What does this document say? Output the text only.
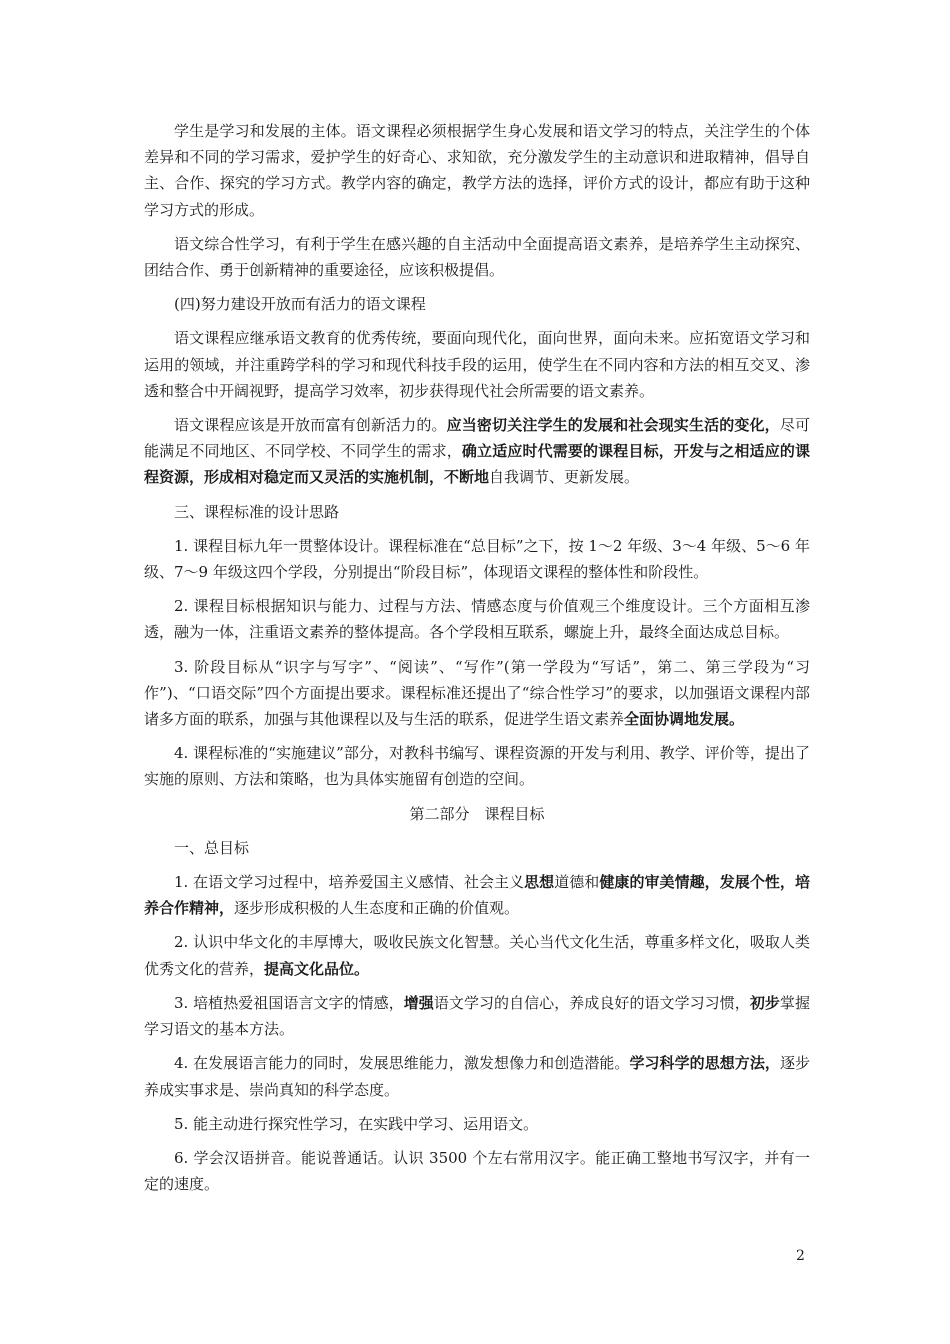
学生是学习和发展的主体。语文课程必须根据学生身心发展和语文学习的特点，关注学生的个体差异和不同的学习需求，爱护学生的好奇心、求知欲，充分激发学生的主动意识和进取精神，倡导自主、合作、探究的学习方式。教学内容的确定，教学方法的选择，评价方式的设计，都应有助于这种学习方式的形成。

语文综合性学习，有利于学生在感兴趣的自主活动中全面提高语文素养，是培养学生主动探究、团结合作、勇于创新精神的重要途径，应该积极提倡。

(四)努力建设开放而有活力的语文课程

语文课程应继承语文教育的优秀传统，要面向现代化，面向世界，面向未来。应拓宽语文学习和运用的领域，并注重跨学科的学习和现代科技手段的运用，使学生在不同内容和方法的相互交叉、渗透和整合中开阔视野，提高学习效率，初步获得现代社会所需要的语文素养。

语文课程应该是开放而富有创新活力的。应当密切关注学生的发展和社会现实生活的变化，尽可能满足不同地区、不同学校、不同学生的需求，确立适应时代需要的课程目标，开发与之相适应的课程资源，形成相对稳定而又灵活的实施机制，不断地自我调节、更新发展。

三、课程标准的设计思路

1. 课程目标九年一贯整体设计。课程标准在“总目标”之下，按 1～2 年级、3～4 年级、5～6 年级、7～9 年级这四个学段，分别提出“阶段目标”，体现语文课程的整体性和阶段性。

2. 课程目标根据知识与能力、过程与方法、情感态度与价值观三个维度设计。三个方面相互渗透，融为一体，注重语文素养的整体提高。各个学段相互联系，螺旋上升，最终全面达成总目标。

3. 阶段目标从“识字与写字”、“阅读”、“写作”(第一学段为“写话”，第二、第三学段为“习作”)、“口语交际”四个方面提出要求。课程标准还提出了“综合性学习”的要求，以加强语文课程内部诸多方面的联系，加强与其他课程以及与生活的联系，促进学生语文素养全面协调地发展。

4. 课程标准的“实施建议”部分，对教科书编写、课程资源的开发与利用、教学、评价等，提出了实施的原则、方法和策略，也为具体实施留有创造的空间。

第二部分　课程目标

一、总目标

1. 在语文学习过程中，培养爱国主义感情、社会主义思想道德和健康的审美情趣，发展个性，培养合作精神，逐步形成积极的人生态度和正确的价值观。

2. 认识中华文化的丰厚博大，吸收民族文化智慧。关心当代文化生活，尊重多样文化，吸取人类优秀文化的营养，提高文化品位。

3. 培植热爱祖国语言文字的情感，增强语文学习的自信心，养成良好的语文学习习惯，初步掌握学习语文的基本方法。

4. 在发展语言能力的同时，发展思维能力，激发想像力和创造潜能。学习科学的思想方法，逐步养成实事求是、崇尚真知的科学态度。

5. 能主动进行探究性学习，在实践中学习、运用语文。

6. 学会汉语拼音。能说普通话。认识 3500 个左右常用汉字。能正确工整地书写汉字，并有一定的速度。

2
